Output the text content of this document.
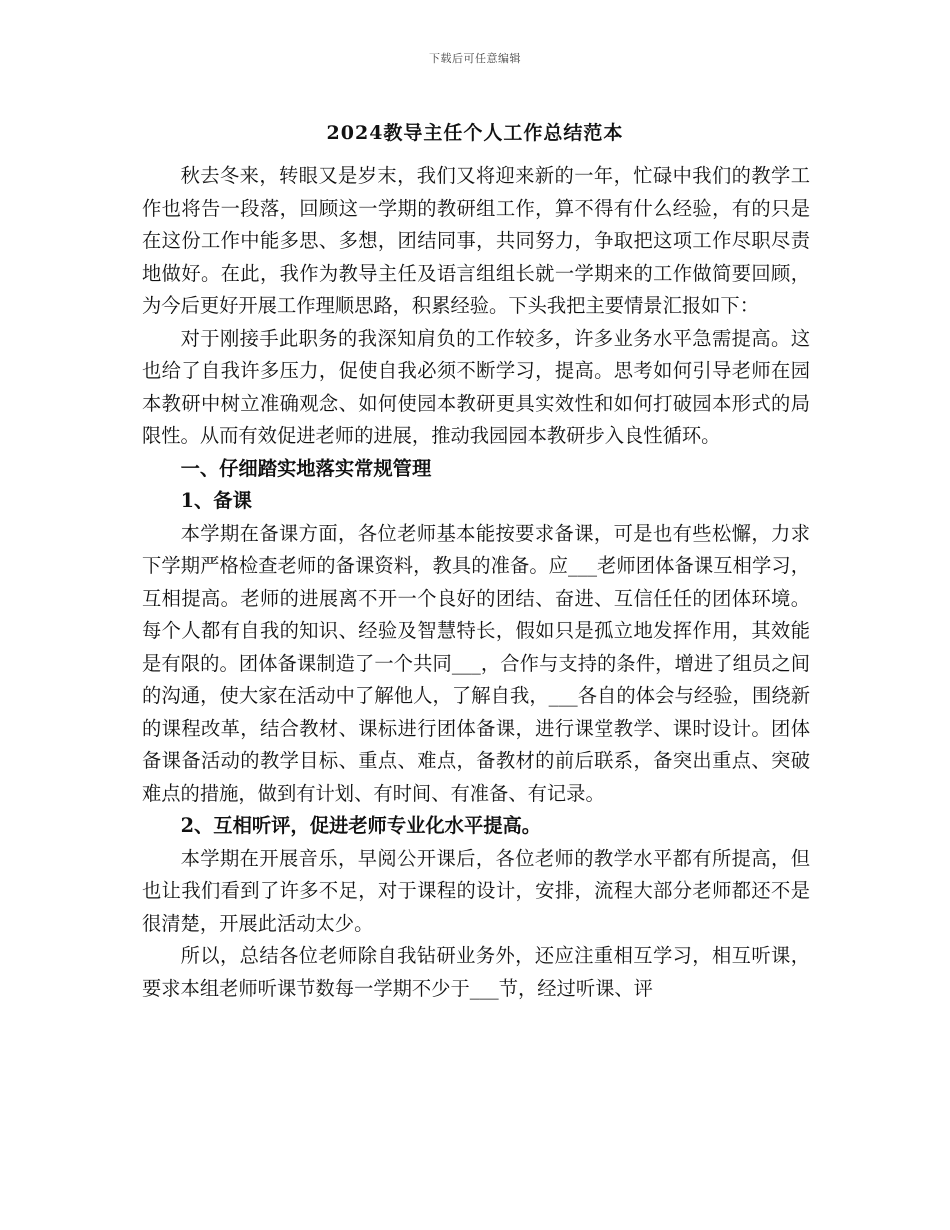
下载后可任意编辑
2024教导主任个人工作总结范本

秋去冬来，转眼又是岁末，我们又将迎来新的一年，忙碌中我们的教学工作也将告一段落，回顾这一学期的教研组工作，算不得有什么经验，有的只是在这份工作中能多思、多想，团结同事，共同努力，争取把这项工作尽职尽责地做好。在此，我作为教导主任及语言组组长就一学期来的工作做简要回顾，为今后更好开展工作理顺思路，积累经验。下头我把主要情景汇报如下：

对于刚接手此职务的我深知肩负的工作较多，许多业务水平急需提高。这也给了自我许多压力，促使自我必须不断学习，提高。思考如何引导老师在园本教研中树立准确观念、如何使园本教研更具实效性和如何打破园本形式的局限性。从而有效促进老师的进展，推动我园园本教研步入良性循环。

一、仔细踏实地落实常规管理

1、备课

本学期在备课方面，各位老师基本能按要求备课，可是也有些松懈，力求下学期严格检查老师的备课资料，教具的准备。应___老师团体备课互相学习，互相提高。老师的进展离不开一个良好的团结、奋进、互信任任的团体环境。每个人都有自我的知识、经验及智慧特长，假如只是孤立地发挥作用，其效能是有限的。团体备课制造了一个共同___，合作与支持的条件，增进了组员之间的沟通，使大家在活动中了解他人，了解自我，___各自的体会与经验，围绕新的课程改革，结合教材、课标进行团体备课，进行课堂教学、课时设计。团体备课备活动的教学目标、重点、难点，备教材的前后联系，备突出重点、突破难点的措施，做到有计划、有时间、有准备、有记录。

2、互相听评，促进老师专业化水平提高。

本学期在开展音乐，早阅公开课后，各位老师的教学水平都有所提高，但也让我们看到了许多不足，对于课程的设计，安排，流程大部分老师都还不是很清楚，开展此活动太少。

所以，总结各位老师除自我钻研业务外，还应注重相互学习，相互听课，要求本组老师听课节数每一学期不少于___节，经过听课、评
